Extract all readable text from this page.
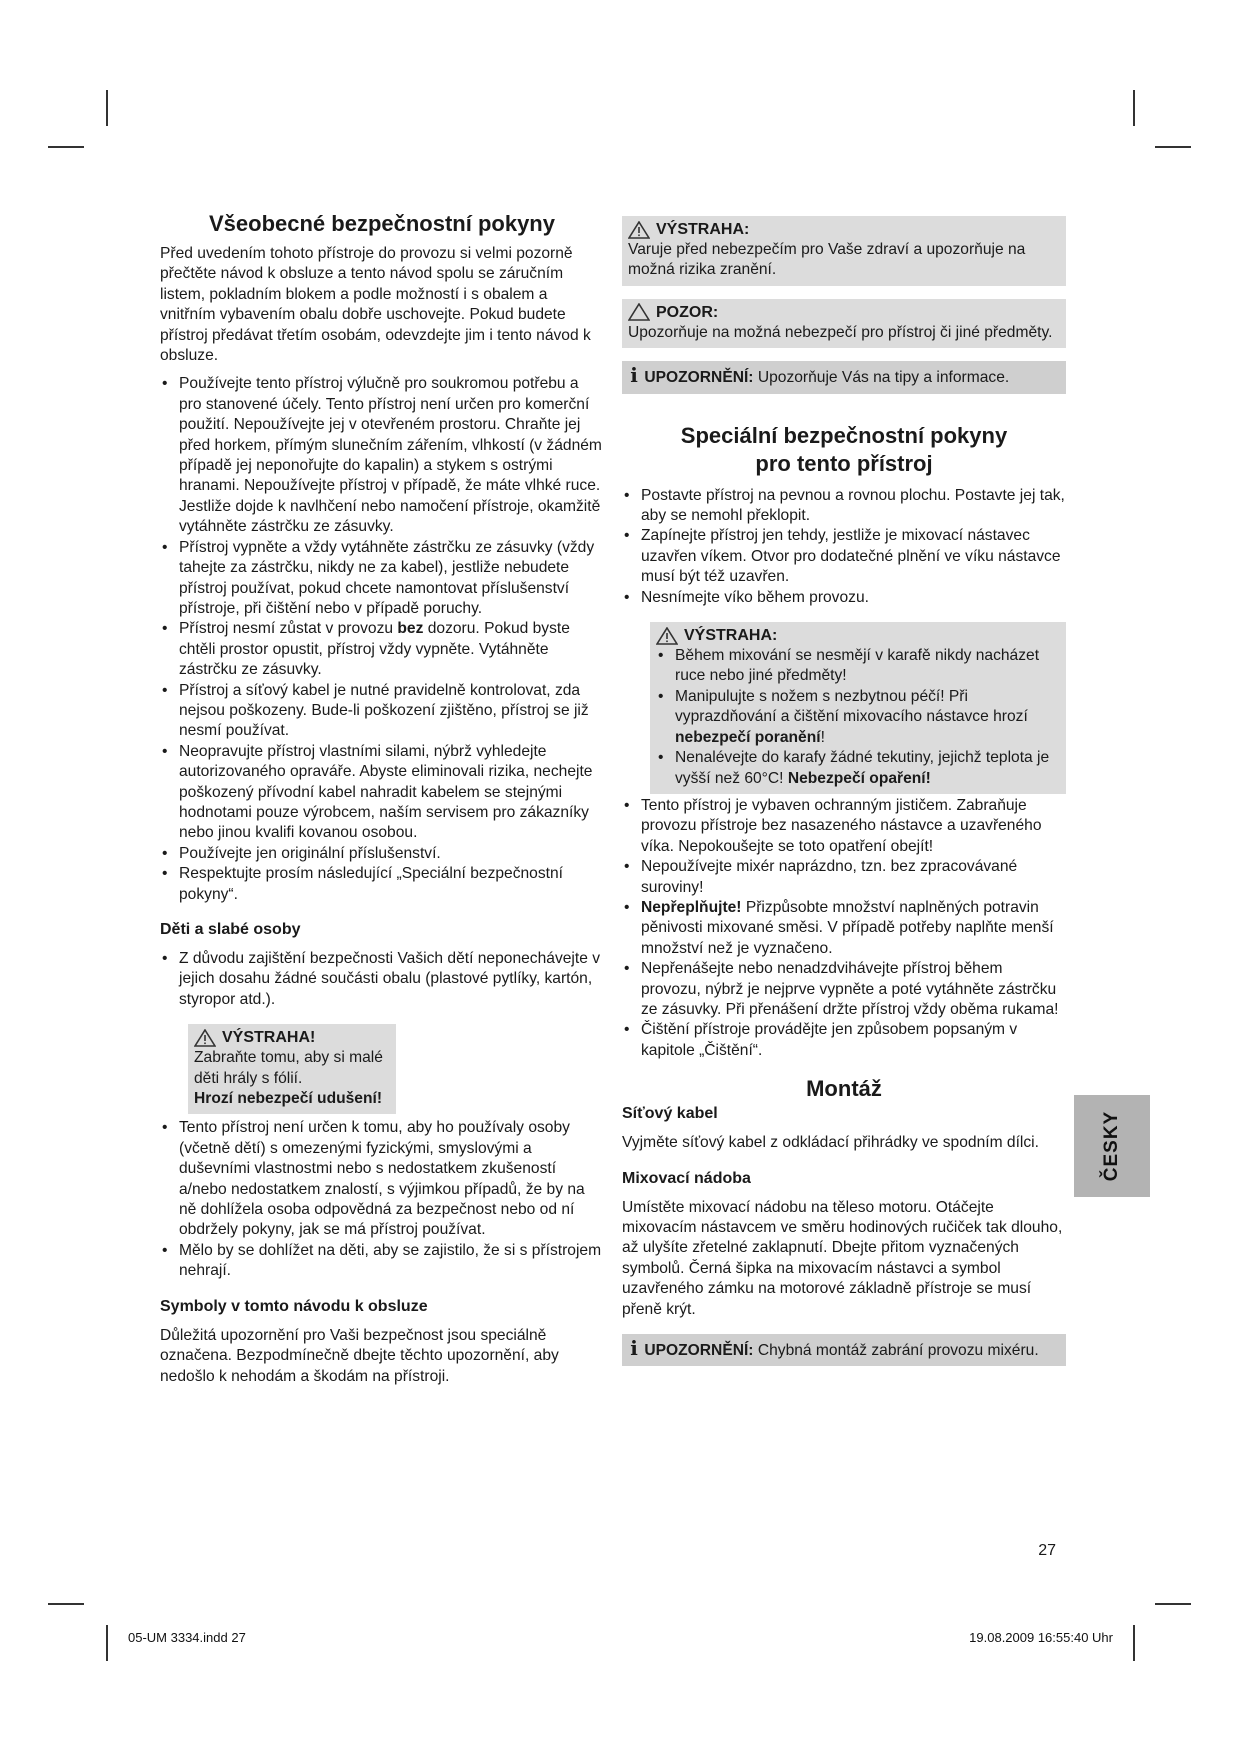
Všeobecné bezpečnostní pokyny

Před uvedením tohoto přístroje do provozu si velmi pozorně přečtěte návod k obsluze a tento návod spolu se záručním listem, pokladním blokem a podle možností i s obalem a vnitřním vybavením obalu dobře uschovejte. Pokud budete přístroj předávat třetím osobám, odevzdejte jim i tento návod k obsluze.

• Používejte tento přístroj výlučně pro soukromou potřebu a pro stanovené účely. Tento přístroj není určen pro komerční použití. Nepoužívejte jej v otevřeném prostoru. Chraňte jej před horkem, přímým slunečním zářením, vlhkostí (v žádném případě jej neponořujte do kapalin) a stykem s ostrými hranami. Nepoužívejte přístroj v případě, že máte vlhké ruce. Jestliže dojde k navlhčení nebo namočení přístroje, okamžitě vytáhněte zástrčku ze zásuvky.
• Přístroj vypněte a vždy vytáhněte zástrčku ze zásuvky (vždy tahejte za zástrčku, nikdy ne za kabel), jestliže nebudete přístroj používat, pokud chcete namontovat příslušenství přístroje, při čištění nebo v případě poruchy.
• Přístroj nesmí zůstat v provozu bez dozoru. Pokud byste chtěli prostor opustit, přístroj vždy vypněte. Vytáhněte zástrčku ze zásuvky.
• Přístroj a síťový kabel je nutné pravidelně kontrolovat, zda nejsou poškozeny. Bude-li poškození zjištěno, přístroj se již nesmí používat.
• Neopravujte přístroj vlastními silami, nýbrž vyhledejte autorizovaného opraváře. Abyste eliminovali rizika, nechejte poškozený přívodní kabel nahradit kabelem se stejnými hodnotami pouze výrobcem, naším servisem pro zákazníky nebo jinou kvalifi kovanou osobou.
• Používejte jen originální příslušenství.
• Respektujte prosím následující „Speciální bezpečnostní pokyny“.
Děti a slabé osoby
• Z důvodu zajištění bezpečnosti Vašich dětí neponechávejte v jejich dosahu žádné součásti obalu (plastové pytlíky, kartón, styropor atd.).
VÝSTRAHA!

Zabraňte tomu, aby si malé děti hrály s fólií.

Hrozí nebezpečí udušení!

• Tento přístroj není určen k tomu, aby ho používaly osoby (včetně dětí) s omezenými fyzickými, smyslovými a duševními vlastnostmi nebo s nedostatkem zkušeností a/nebo nedostatkem znalostí, s výjimkou případů, že by na ně dohlížela osoba odpovědná za bezpečnost nebo od ní obdržely pokyny, jak se má přístroj používat.
• Mělo by se dohlížet na děti, aby se zajistilo, že si s přístrojem nehrají.
Symboly v tomto návodu k obsluze

Důležitá upozornění pro Vaši bezpečnost jsou speciálně označena. Bezpodmínečně dbejte těchto upozornění, aby nedošlo k nehodám a škodám na přístroji.

VÝSTRAHA:

Varuje před nebezpečím pro Vaše zdraví a upozorňuje na možná rizika zranění.

POZOR:

Upozorňuje na možná nebezpečí pro přístroj či jiné předměty.

i UPOZORNĚNÍ: Upozorňuje Vás na tipy a informace.

Speciální bezpečnostní pokyny
pro tento přístroj
• Postavte přístroj na pevnou a rovnou plochu. Postavte jej tak, aby se nemohl překlopit.
• Zapínejte přístroj jen tehdy, jestliže je mixovací nástavec uzavřen víkem. Otvor pro dodatečné plnění ve víku nástavce musí být též uzavřen.
• Nesnímejte víko během provozu.
VÝSTRAHA:
• Během mixování se nesmějí v karafě nikdy nacházet ruce nebo jiné předměty!
• Manipulujte s nožem s nezbytnou péčí! Při vyprazdňování a čištění mixovacího nástavce hrozí nebezpečí poranění!
• Nenalévejte do karafy žádné tekutiny, jejichž teplota je vyšší než 60°C! Nebezpečí opaření!
• Tento přístroj je vybaven ochranným jističem. Zabraňuje provozu přístroje bez nasazeného nástavce a uzavřeného víka. Nepokoušejte se toto opatření obejít!
• Nepoužívejte mixér naprázdno, tzn. bez zpracovávané suroviny!
• Nepřeplňujte! Přizpůsobte množství naplněných potravin pěnivosti mixované směsi. V případě potřeby naplňte menší množství než je vyznačeno.
• Nepřenášejte nebo nenadzdvihávejte přístroj během provozu, nýbrž je nejprve vypněte a poté vytáhněte zástrčku ze zásuvky. Při přenášení držte přístroj vždy oběma rukama!
• Čištění přístroje provádějte jen způsobem popsaným v kapitole „Čištění“.
Montáž
Síťový kabel

Vyjměte síťový kabel z odkládací přihrádky ve spodním dílci.

Mixovací nádoba

Umístěte mixovací nádobu na těleso motoru. Otáčejte mixovacím nástavcem ve směru hodinových ručiček tak dlouho, až ulyšíte zřetelné zaklapnutí. Dbejte přitom vyznačených symbolů. Černá šipka na mixovacím nástavci a symbol uzavřeného zámku na motorové základně přístroje se musí přeně krýt.

i UPOZORNĚNÍ: Chybná montáž zabrání provozu mixéru.

ČESKY
27
05-UM 3334.indd 27	19.08.2009 16:55:40 Uhr
